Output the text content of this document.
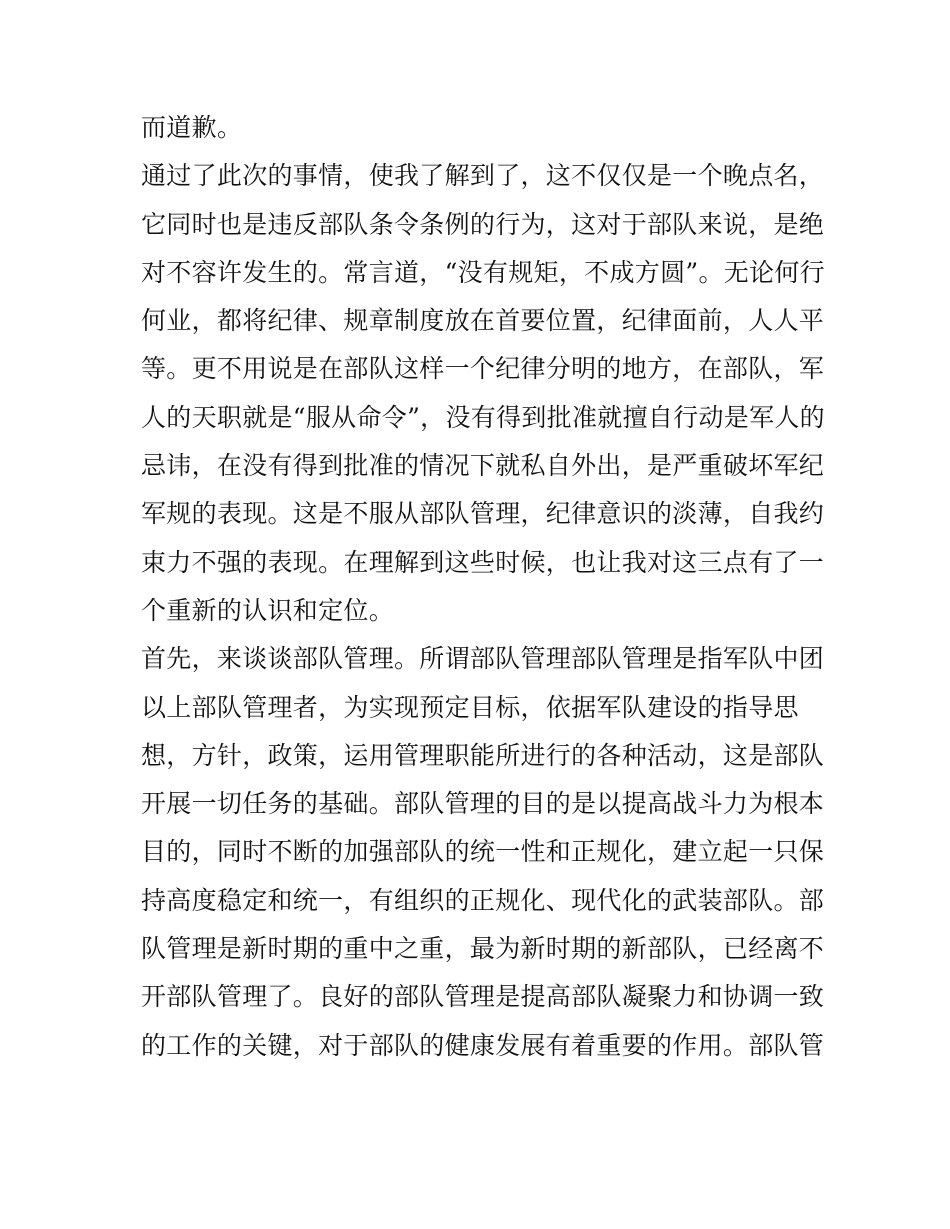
而道歉。
通过了此次的事情，使我了解到了，这不仅仅是一个晚点名，
它同时也是违反部队条令条例的行为，这对于部队来说，是绝
对不容许发生的。常言道，“没有规矩，不成方圆”。无论何行
何业，都将纪律、规章制度放在首要位置，纪律面前，人人平
等。更不用说是在部队这样一个纪律分明的地方，在部队，军
人的天职就是“服从命令”，没有得到批准就擅自行动是军人的
忌讳，在没有得到批准的情况下就私自外出，是严重破坏军纪
军规的表现。这是不服从部队管理，纪律意识的淡薄，自我约
束力不强的表现。在理解到这些时候，也让我对这三点有了一
个重新的认识和定位。
首先，来谈谈部队管理。所谓部队管理部队管理是指军队中团
以上部队管理者，为实现预定目标，依据军队建设的指导思
想，方针，政策，运用管理职能所进行的各种活动，这是部队
开展一切任务的基础。部队管理的目的是以提高战斗力为根本
目的，同时不断的加强部队的统一性和正规化，建立起一只保
持高度稳定和统一，有组织的正规化、现代化的武装部队。部
队管理是新时期的重中之重，最为新时期的新部队，已经离不
开部队管理了。良好的部队管理是提高部队凝聚力和协调一致
的工作的关键，对于部队的健康发展有着重要的作用。部队管
